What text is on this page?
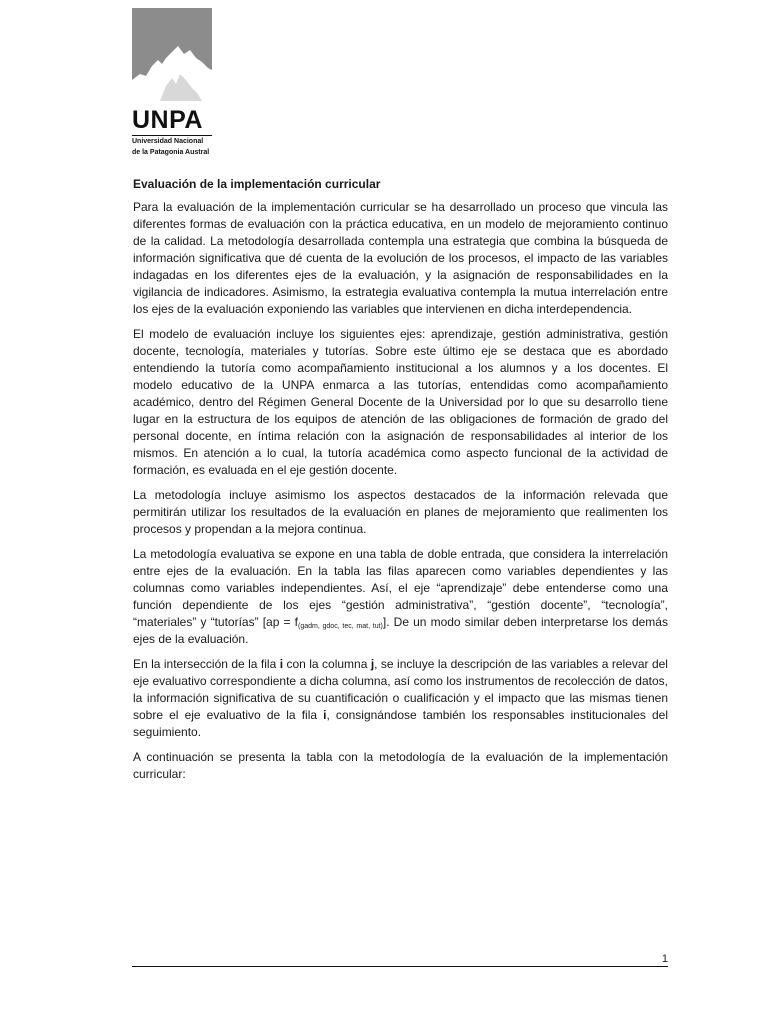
UNPA
Universidad Nacional
de la Patagonia Austral
Evaluación de la implementación curricular

Para la evaluación de la implementación curricular se ha desarrollado un proceso que vincula las diferentes formas de evaluación con la práctica educativa, en un modelo de mejoramiento continuo de la calidad. La metodología desarrollada contempla una estrategia que combina la búsqueda de información significativa que dé cuenta de la evolución de los procesos, el impacto de las variables indagadas en los diferentes ejes de la evaluación, y la asignación de responsabilidades en la vigilancia de indicadores. Asimismo, la estrategia evaluativa contempla la mutua interrelación entre los ejes de la evaluación exponiendo las variables que intervienen en dicha interdependencia.

El modelo de evaluación incluye los siguientes ejes: aprendizaje, gestión administrativa, gestión docente, tecnología, materiales y tutorías. Sobre este último eje se destaca que es abordado entendiendo la tutoría como acompañamiento institucional a los alumnos y a los docentes. El modelo educativo de la UNPA enmarca a las tutorías, entendidas como acompañamiento académico, dentro del Régimen General Docente de la Universidad por lo que su desarrollo tiene lugar en la estructura de los equipos de atención de las obligaciones de formación de grado del personal docente, en íntima relación con la asignación de responsabilidades al interior de los mismos. En atención a lo cual, la tutoría académica como aspecto funcional de la actividad de formación, es evaluada en el eje gestión docente.

La metodología incluye asimismo los aspectos destacados de la información relevada que permitirán utilizar los resultados de la evaluación en planes de mejoramiento que realimenten los procesos y propendan a la mejora continua.

La metodología evaluativa se expone en una tabla de doble entrada, que considera la interrelación entre ejes de la evaluación. En la tabla las filas aparecen como variables dependientes y las columnas como variables independientes. Así, el eje “aprendizaje” debe entenderse como una función dependiente de los ejes “gestión administrativa”, “gestión docente”, “tecnología”, “materiales” y “tutorías” $[ap = f_{(gadm, gdoc, tec, mat, tut)}]$. De un modo similar deben interpretarse los demás ejes de la evaluación.

En la intersección de la fila i con la columna j, se incluye la descripción de las variables a relevar del eje evaluativo correspondiente a dicha columna, así como los instrumentos de recolección de datos, la información significativa de su cuantificación o cualificación y el impacto que las mismas tienen sobre el eje evaluativo de la fila i, consignándose también los responsables institucionales del seguimiento.

A continuación se presenta la tabla con la metodología de la evaluación de la implementación curricular:

1
